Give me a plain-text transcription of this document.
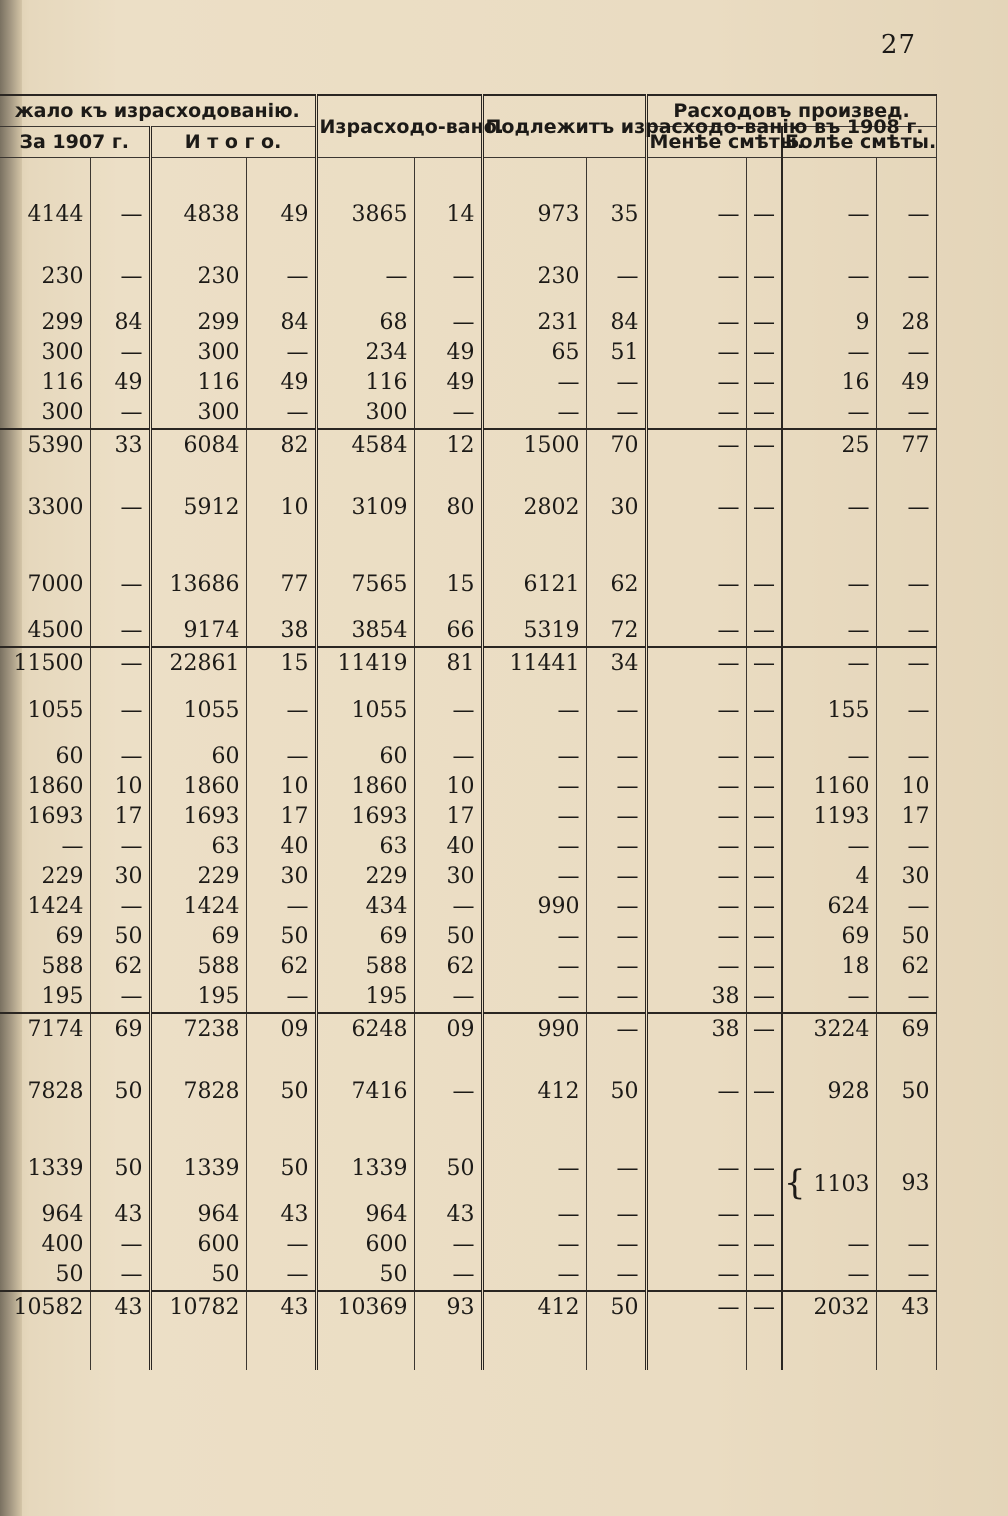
27
жало къ израсходованію.				Израсходо-вано.		Подлежитъ израсходо-ванію въ 1908 г.		Расходовъ произвед.			
За 1907 г.		И т о г о.						Менѣе смѣты.		Болѣе смѣты.	

4144	—	4838	49	3865	14	973	35	—	—	—	—
230	—	230	—	—	—	230	—	—	—	—	—
299	84	299	84	68	—	231	84	—	—	9	28
300	—	300	—	234	49	65	51	—	—	—	—
116	49	116	49	116	49	—	—	—	—	16	49
300	—	300	—	300	—	—	—	—	—	—	—
5390	33	6084	82	4584	12	1500	70	—	—	25	77
3300	—	5912	10	3109	80	2802	30	—	—	—	—
7000	—	13686	77	7565	15	6121	62	—	—	—	—
4500	—	9174	38	3854	66	5319	72	—	—	—	—
11500	—	22861	15	11419	81	11441	34	—	—	—	—
1055	—	1055	—	1055	—	—	—	—	—	155	—
60	—	60	—	60	—	—	—	—	—	—	—
1860	10	1860	10	1860	10	—	—	—	—	1160	10
1693	17	1693	17	1693	17	—	—	—	—	1193	17
—	—	63	40	63	40	—	—	—	—	—	—
229	30	229	30	229	30	—	—	—	—	4	30
1424	—	1424	—	434	—	990	—	—	—	624	—
69	50	69	50	69	50	—	—	—	—	69	50
588	62	588	62	588	62	—	—	—	—	18	62
195	—	195	—	195	—	—	—	38	—	—	—
7174	69	7238	09	6248	09	990	—	38	—	3224	69
7828	50	7828	50	7416	—	412	50	—	—	928	50
1339	50	1339	50	1339	50	—	—	—	—	{ 1103	93
964	43	964	43	964	43	—	—	—	—		
400	—	600	—	600	—	—	—	—	—	—	—
50	—	50	—	50	—	—	—	—	—	—	—
10582	43	10782	43	10369	93	412	50	—	—	2032	43
